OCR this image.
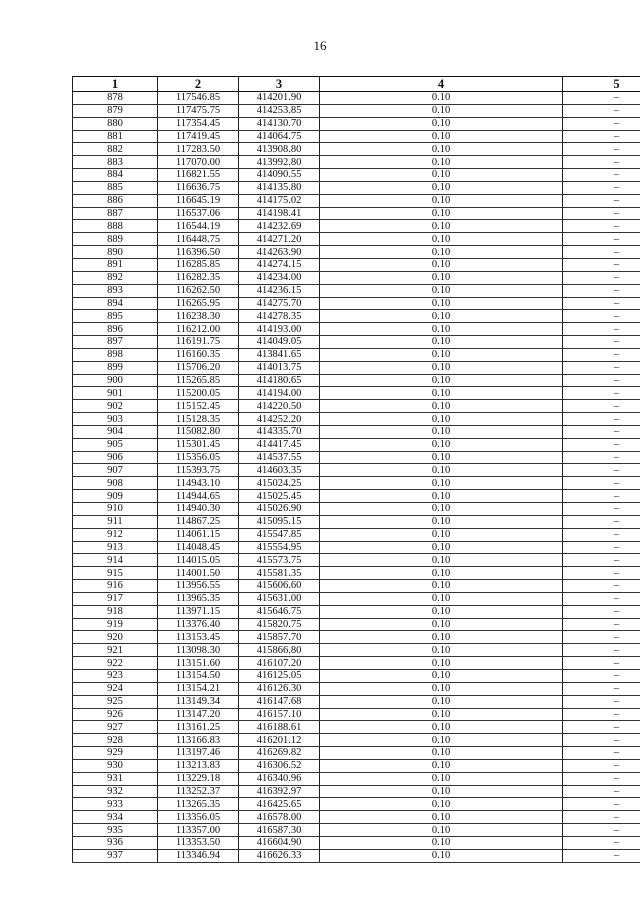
16
1	2	3	4	5
878	117546.85	414201.90	0.10	–
879	117475.75	414253.85	0.10	–
880	117354.45	414130.70	0.10	–
881	117419.45	414064.75	0.10	–
882	117283.50	413908.80	0.10	–
883	117070.00	413992.80	0.10	–
884	116821.55	414090.55	0.10	–
885	116636.75	414135.80	0.10	–
886	116645.19	414175.02	0.10	–
887	116537.06	414198.41	0.10	–
888	116544.19	414232.69	0.10	–
889	116448.75	414271.20	0.10	–
890	116396.50	414263.90	0.10	–
891	116285.85	414274.15	0.10	–
892	116282.35	414234.00	0.10	–
893	116262.50	414236.15	0.10	–
894	116265.95	414275.70	0.10	–
895	116238.30	414278.35	0.10	–
896	116212.00	414193.00	0.10	–
897	116191.75	414049.05	0.10	–
898	116160.35	413841.65	0.10	–
899	115706.20	414013.75	0.10	–
900	115265.85	414180.65	0.10	–
901	115200.05	414194.00	0.10	–
902	115152.45	414220.50	0.10	–
903	115128.35	414252.20	0.10	–
904	115082.80	414335.70	0.10	–
905	115301.45	414417.45	0.10	–
906	115356.05	414537.55	0.10	–
907	115393.75	414603.35	0.10	–
908	114943.10	415024.25	0.10	–
909	114944.65	415025.45	0.10	–
910	114940.30	415026.90	0.10	–
911	114867.25	415095.15	0.10	–
912	114061.15	415547.85	0.10	–
913	114048.45	415554.95	0.10	–
914	114015.05	415573.75	0.10	–
915	114001.50	415581.35	0.10	–
916	113956.55	415606.60	0.10	–
917	113965.35	415631.00	0.10	–
918	113971.15	415646.75	0.10	–
919	113376.40	415820.75	0.10	–
920	113153.45	415857.70	0.10	–
921	113098.30	415866.80	0.10	–
922	113151.60	416107.20	0.10	–
923	113154.50	416125.05	0.10	–
924	113154.21	416126.30	0.10	–
925	113149.34	416147.68	0.10	–
926	113147.20	416157.10	0.10	–
927	113161.25	416188.61	0.10	–
928	113166.83	416201.12	0.10	–
929	113197.46	416269.82	0.10	–
930	113213.83	416306.52	0.10	–
931	113229.18	416340.96	0.10	–
932	113252.37	416392.97	0.10	–
933	113265.35	416425.65	0.10	–
934	113356.05	416578.00	0.10	–
935	113357.00	416587.30	0.10	–
936	113353.50	416604.90	0.10	–
937	113346.94	416626.33	0.10	–
